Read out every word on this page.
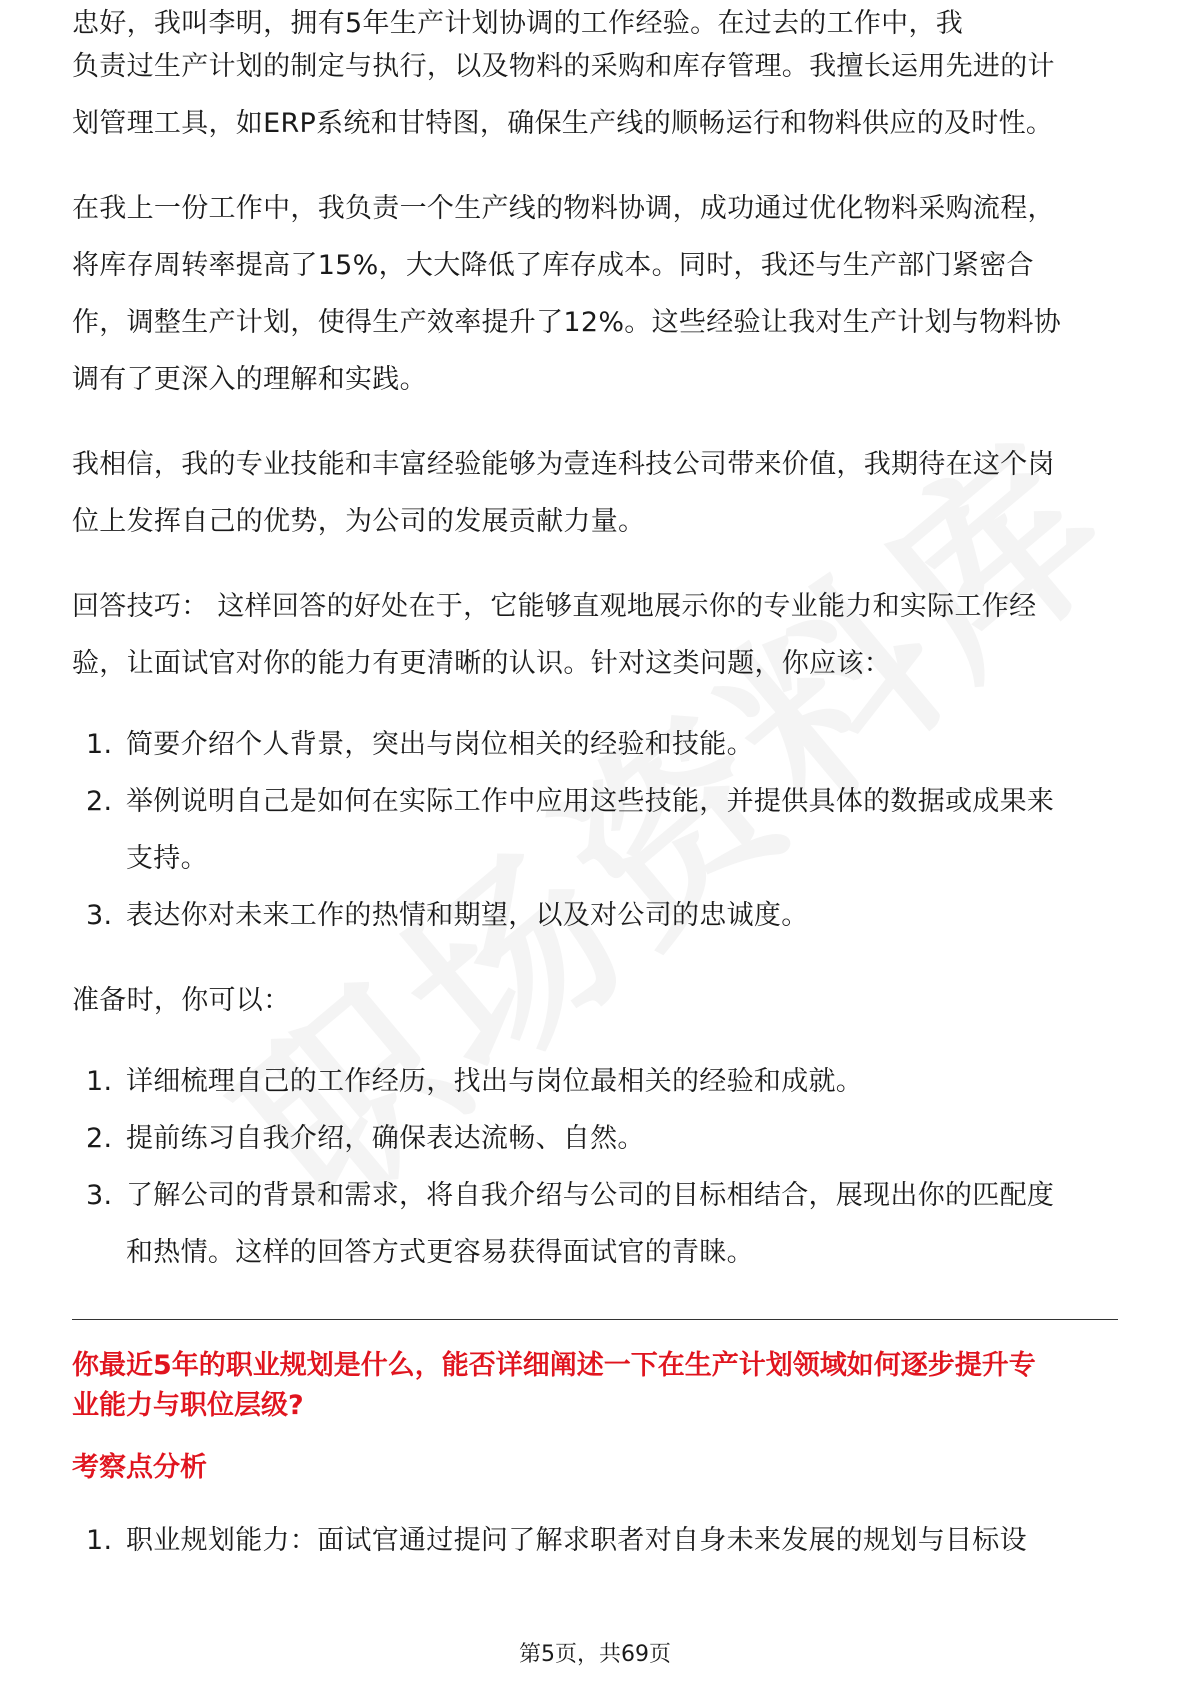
忠好，我叫李明，拥有5年生产计划协调的工作经验。在过去的工作中，我

负责过生产计划的制定与执行，以及物料的采购和库存管理。我擅长运用先进的计
划管理工具，如ERP系统和甘特图，确保生产线的顺畅运行和物料供应的及时性。

在我上一份工作中，我负责一个生产线的物料协调，成功通过优化物料采购流程，
将库存周转率提高了15%，大大降低了库存成本。同时，我还与生产部门紧密合
作，调整生产计划，使得生产效率提升了12%。这些经验让我对生产计划与物料协
调有了更深入的理解和实践。

我相信，我的专业技能和丰富经验能够为壹连科技公司带来价值，我期待在这个岗
位上发挥自己的优势，为公司的发展贡献力量。

回答技巧： 这样回答的好处在于，它能够直观地展示你的专业能力和实际工作经
验，让面试官对你的能力有更清晰的认识。针对这类问题，你应该：

1. 简要介绍个人背景，突出与岗位相关的经验和技能。
2. 举例说明自己是如何在实际工作中应用这些技能，并提供具体的数据或成果来
支持。
3. 表达你对未来工作的热情和期望，以及对公司的忠诚度。

准备时，你可以：

1. 详细梳理自己的工作经历，找出与岗位最相关的经验和成就。
2. 提前练习自我介绍，确保表达流畅、自然。
3. 了解公司的背景和需求，将自我介绍与公司的目标相结合，展现出你的匹配度
和热情。这样的回答方式更容易获得面试官的青睐。

你最近5年的职业规划是什么，能否详细阐述一下在生产计划领域如何逐步提升专
业能力与职位层级?

考察点分析

1. 职业规划能力：面试官通过提问了解求职者对自身未来发展的规划与目标设
第5页，共69页
